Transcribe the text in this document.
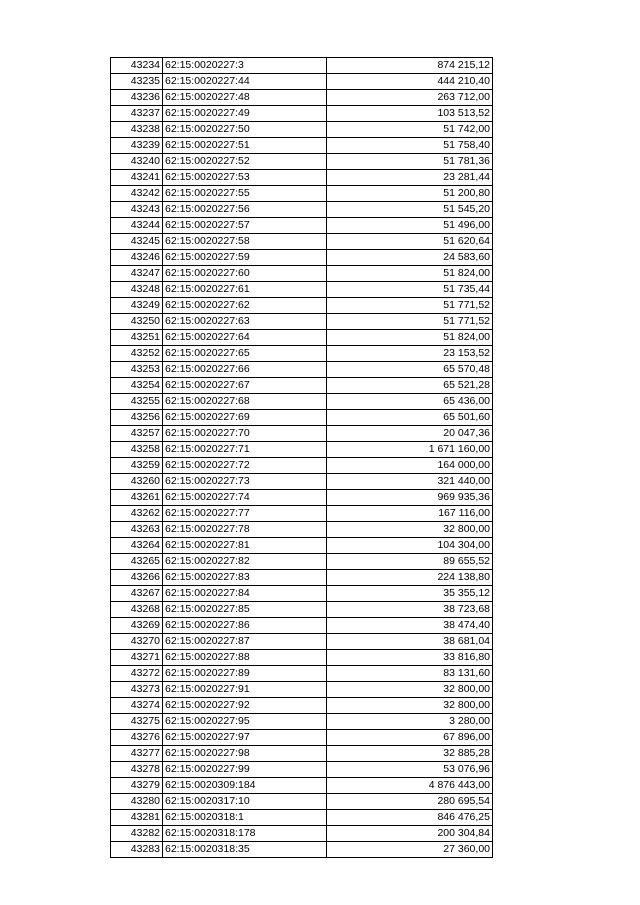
43234	62:15:0020227:3	874 215,12
43235	62:15:0020227:44	444 210,40
43236	62:15:0020227:48	263 712,00
43237	62:15:0020227:49	103 513,52
43238	62:15:0020227:50	51 742,00
43239	62:15:0020227:51	51 758,40
43240	62:15:0020227:52	51 781,36
43241	62:15:0020227:53	23 281,44
43242	62:15:0020227:55	51 200,80
43243	62:15:0020227:56	51 545,20
43244	62:15:0020227:57	51 496,00
43245	62:15:0020227:58	51 620,64
43246	62:15:0020227:59	24 583,60
43247	62:15:0020227:60	51 824,00
43248	62:15:0020227:61	51 735,44
43249	62:15:0020227:62	51 771,52
43250	62:15:0020227:63	51 771,52
43251	62:15:0020227:64	51 824,00
43252	62:15:0020227:65	23 153,52
43253	62:15:0020227:66	65 570,48
43254	62:15:0020227:67	65 521,28
43255	62:15:0020227:68	65 436,00
43256	62:15:0020227:69	65 501,60
43257	62:15:0020227:70	20 047,36
43258	62:15:0020227:71	1 671 160,00
43259	62:15:0020227:72	164 000,00
43260	62:15:0020227:73	321 440,00
43261	62:15:0020227:74	969 935,36
43262	62:15:0020227:77	167 116,00
43263	62:15:0020227:78	32 800,00
43264	62:15:0020227:81	104 304,00
43265	62:15:0020227:82	89 655,52
43266	62:15:0020227:83	224 138,80
43267	62:15:0020227:84	35 355,12
43268	62:15:0020227:85	38 723,68
43269	62:15:0020227:86	38 474,40
43270	62:15:0020227:87	38 681,04
43271	62:15:0020227:88	33 816,80
43272	62:15:0020227:89	83 131,60
43273	62:15:0020227:91	32 800,00
43274	62:15:0020227:92	32 800,00
43275	62:15:0020227:95	3 280,00
43276	62:15:0020227:97	67 896,00
43277	62:15:0020227:98	32 885,28
43278	62:15:0020227:99	53 076,96
43279	62:15:0020309:184	4 876 443,00
43280	62:15:0020317:10	280 695,54
43281	62:15:0020318:1	846 476,25
43282	62:15:0020318:178	200 304,84
43283	62:15:0020318:35	27 360,00
